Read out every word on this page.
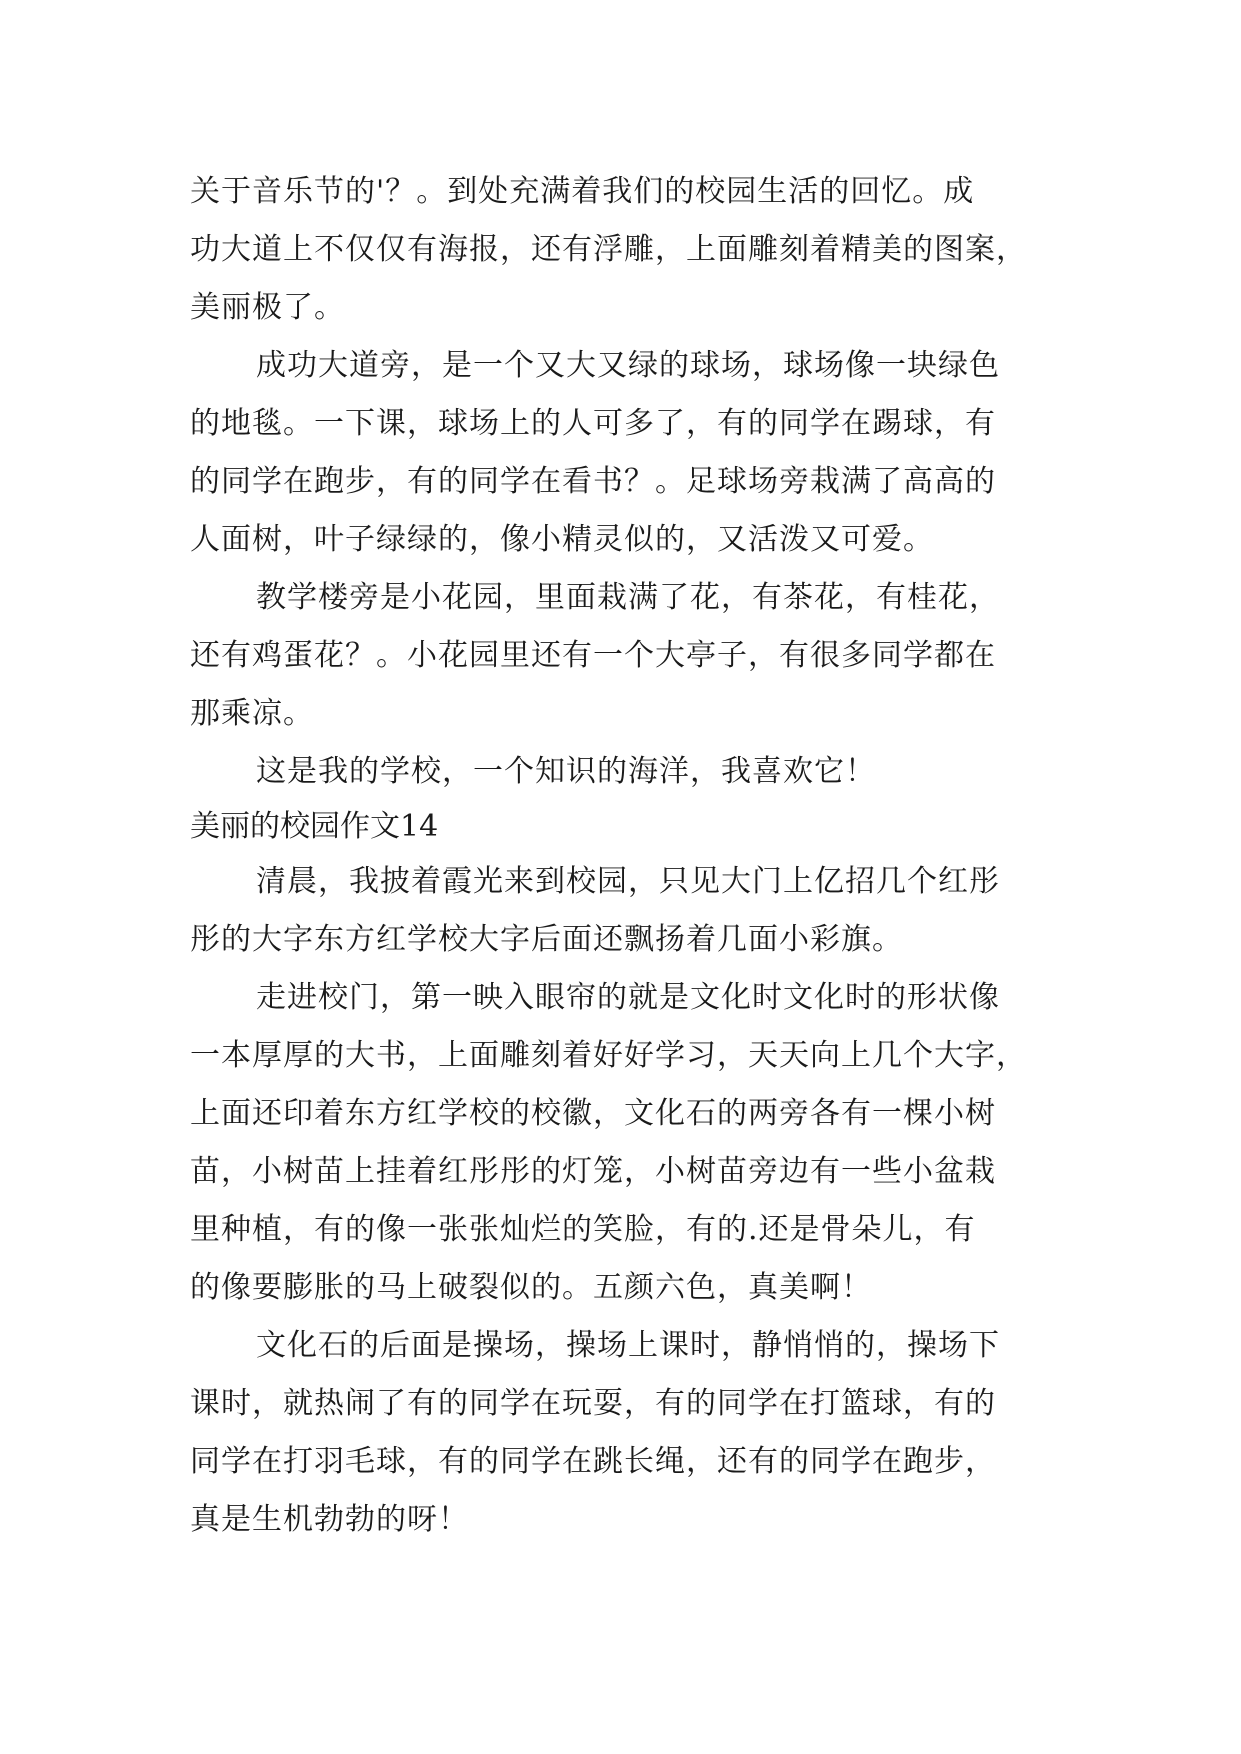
关于音乐节的'？。到处充满着我们的校园生活的回忆。成
功大道上不仅仅有海报，还有浮雕，上面雕刻着精美的图案，
美丽极了。
成功大道旁，是一个又大又绿的球场，球场像一块绿色
的地毯。一下课，球场上的人可多了，有的同学在踢球，有
的同学在跑步，有的同学在看书？。足球场旁栽满了高高的
人面树，叶子绿绿的，像小精灵似的，又活泼又可爱。
教学楼旁是小花园，里面栽满了花，有茶花，有桂花，
还有鸡蛋花？。小花园里还有一个大亭子，有很多同学都在
那乘凉。
这是我的学校，一个知识的海洋，我喜欢它！
美丽的校园作文14
清晨，我披着霞光来到校园，只见大门上亿招几个红彤
彤的大字东方红学校大字后面还飘扬着几面小彩旗。
走进校门，第一映入眼帘的就是文化时文化时的形状像
一本厚厚的大书，上面雕刻着好好学习，天天向上几个大字，
上面还印着东方红学校的校徽，文化石的两旁各有一棵小树
苗，小树苗上挂着红彤彤的灯笼，小树苗旁边有一些小盆栽
里种植，有的像一张张灿烂的笑脸，有的.还是骨朵儿，有
的像要膨胀的马上破裂似的。五颜六色，真美啊！
文化石的后面是操场，操场上课时，静悄悄的，操场下
课时，就热闹了有的同学在玩耍，有的同学在打篮球，有的
同学在打羽毛球，有的同学在跳长绳，还有的同学在跑步，
真是生机勃勃的呀！
